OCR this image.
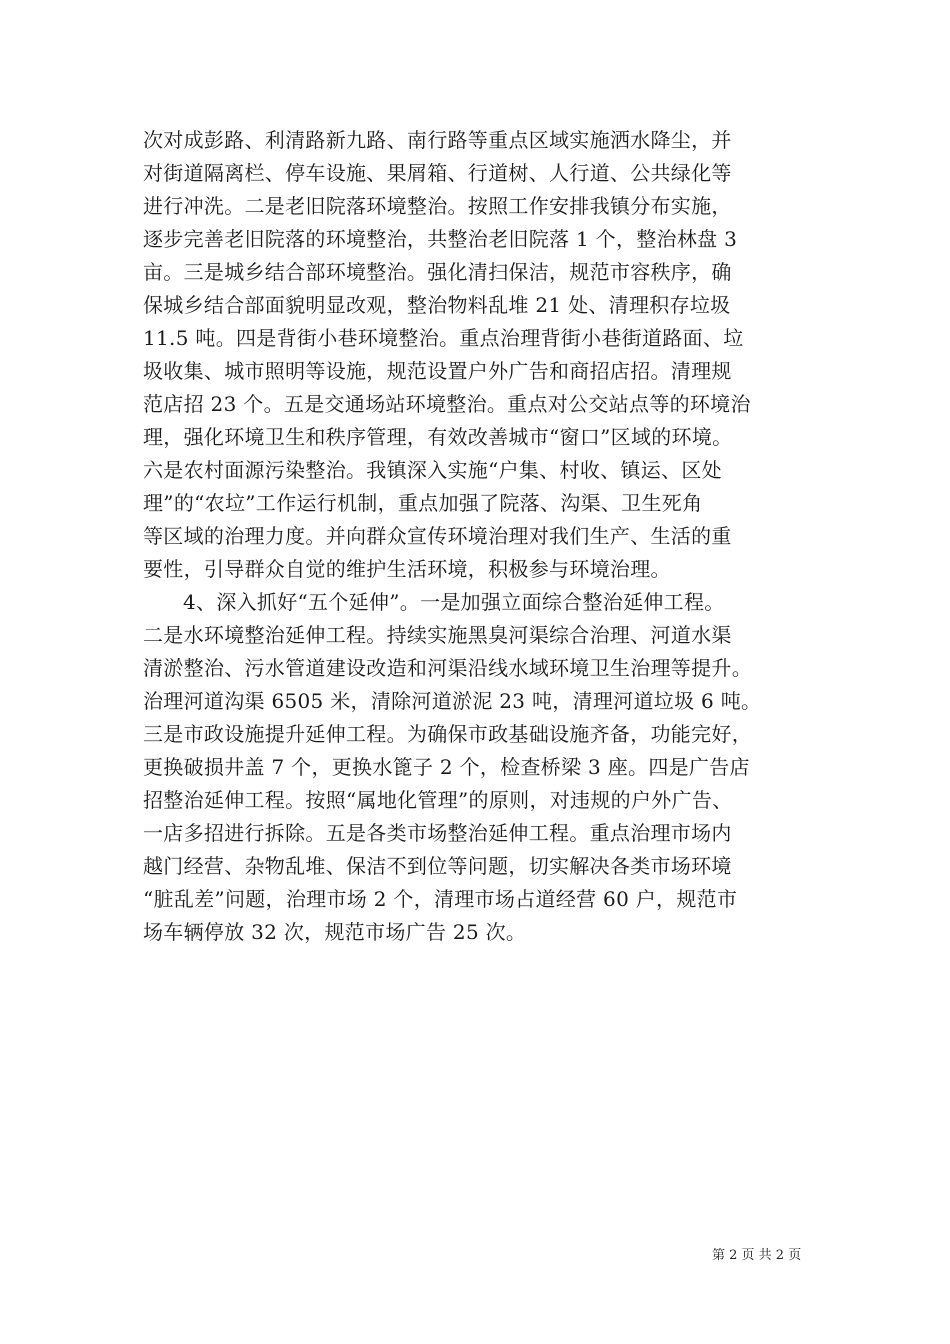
次对成彭路、利清路新九路、南行路等重点区域实施洒水降尘，并
对街道隔离栏、停车设施、果屑箱、行道树、人行道、公共绿化等
进行冲洗。二是老旧院落环境整治。按照工作安排我镇分布实施，
逐步完善老旧院落的环境整治，共整治老旧院落 1 个，整治林盘 3
亩。三是城乡结合部环境整治。强化清扫保洁，规范市容秩序，确
保城乡结合部面貌明显改观，整治物料乱堆 21 处、清理积存垃圾
11.5 吨。四是背街小巷环境整治。重点治理背街小巷街道路面、垃
圾收集、城市照明等设施，规范设置户外广告和商招店招。清理规
范店招 23 个。五是交通场站环境整治。重点对公交站点等的环境治
理，强化环境卫生和秩序管理，有效改善城市“窗口”区域的环境。
六是农村面源污染整治。我镇深入实施“户集、村收、镇运、区处
理”的“农垃”工作运行机制，重点加强了院落、沟渠、卫生死角
等区域的治理力度。并向群众宣传环境治理对我们生产、生活的重
要性，引导群众自觉的维护生活环境，积极参与环境治理。
4、深入抓好“五个延伸”。一是加强立面综合整治延伸工程。
二是水环境整治延伸工程。持续实施黑臭河渠综合治理、河道水渠
清淤整治、污水管道建设改造和河渠沿线水域环境卫生治理等提升。
治理河道沟渠 6505 米，清除河道淤泥 23 吨，清理河道垃圾 6 吨。
三是市政设施提升延伸工程。为确保市政基础设施齐备，功能完好，
更换破损井盖 7 个，更换水篦子 2 个，检查桥梁 3 座。四是广告店
招整治延伸工程。按照“属地化管理”的原则，对违规的户外广告、
一店多招进行拆除。五是各类市场整治延伸工程。重点治理市场内
越门经营、杂物乱堆、保洁不到位等问题，切实解决各类市场环境
“脏乱差”问题，治理市场 2 个，清理市场占道经营 60 户，规范市
场车辆停放 32 次，规范市场广告 25 次。
第 2 页 共 2 页
